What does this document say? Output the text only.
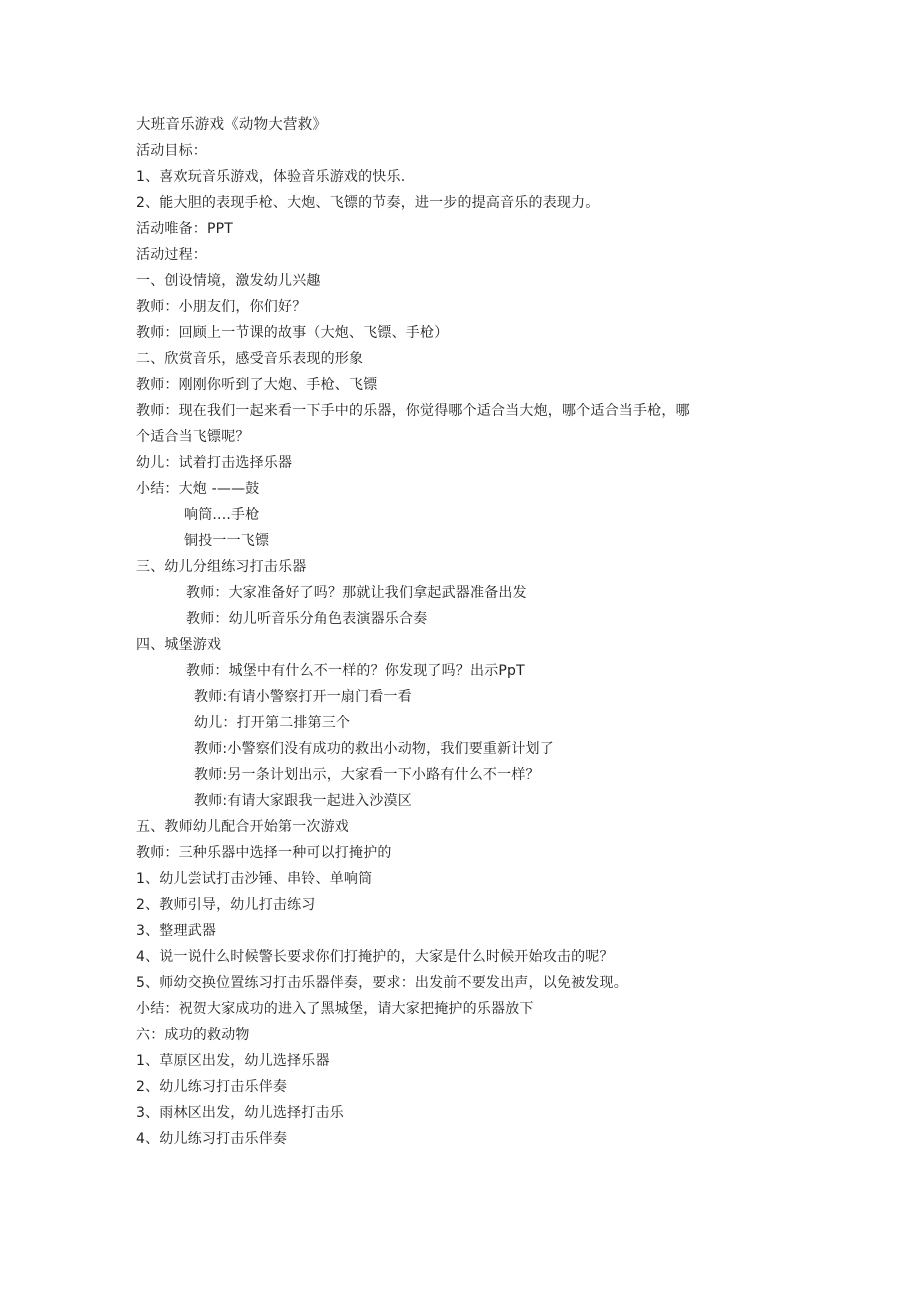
大班音乐游戏《动物大营救》
活动目标：
1、喜欢玩音乐游戏，体验音乐游戏的快乐.
2、能大胆的表现手枪、大炮、飞镖的节奏，进一步的提高音乐的表现力。
活动唯备：PPT
活动过程：
一、创设情境，激发幼儿兴趣
教师：小朋友们，你们好？
教师：回顾上一节课的故事（大炮、飞镖、手枪）
二、欣赏音乐，感受音乐表现的形象
教师：刚刚你听到了大炮、手枪、飞镖
教师：现在我们一起来看一下手中的乐器，你觉得哪个适合当大炮，哪个适合当手枪，哪
个适合当飞镖呢？
幼儿：试着打击选择乐器
小结：大炮 -——鼓
响筒....手枪
铜投一一飞镖
三、幼儿分组练习打击乐器
教师：大家准备好了吗？那就让我们拿起武器准备出发
教师：幼儿听音乐分角色表演器乐合奏
四、城堡游戏
教师：城堡中有什么不一样的？你发现了吗？出示PpT
教师:有请小警察打开一扇门看一看
幼儿：打开第二排第三个
教师:小警察们没有成功的救出小动物，我们要重新计划了
教师:另一条计划出示，大家看一下小路有什么不一样？
教师:有请大家跟我一起进入沙漠区
五、教师幼儿配合开始第一次游戏
教师：三种乐器中选择一种可以打掩护的
1、幼儿尝试打击沙锤、串铃、单响筒
2、教师引导，幼儿打击练习
3、整理武器
4、说一说什么时候警长要求你们打掩护的，大家是什么时候开始攻击的呢？
5、师幼交换位置练习打击乐器伴奏，要求：出发前不要发出声，以免被发现。
小结：祝贺大家成功的进入了黑城堡，请大家把掩护的乐器放下
六：成功的救动物
1、草原区出发，幼儿选择乐器
2、幼儿练习打击乐伴奏
3、雨林区出发，幼儿选择打击乐
4、幼儿练习打击乐伴奏
